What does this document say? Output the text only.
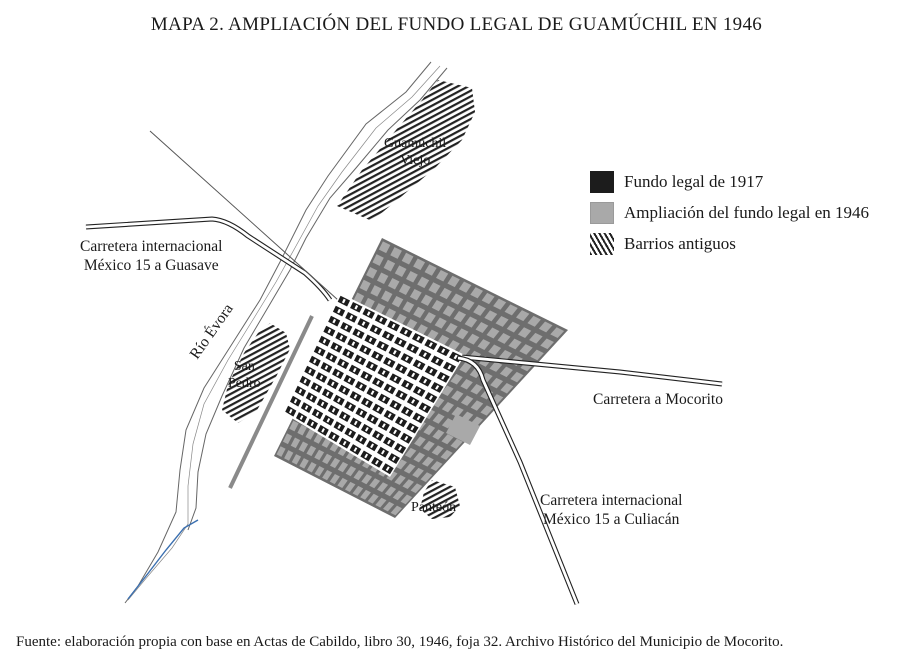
MAPA 2. AMPLIACIÓN DEL FUNDO LEGAL DE GUAMÚCHIL EN 1946
Fundo legal de 1917
Ampliación del fundo legal en 1946
Barrios antiguos
Guamúchil
Viejo
Carretera internacional
México 15 a Guasave
Río Évora
San
Pedro
Carretera a Mocorito
Carretera internacional
México 15 a Culiacán
Panteón
Fuente: elaboración propia con base en Actas de Cabildo, libro 30, 1946, foja 32. Archivo Histórico del Municipio de Mocorito.
